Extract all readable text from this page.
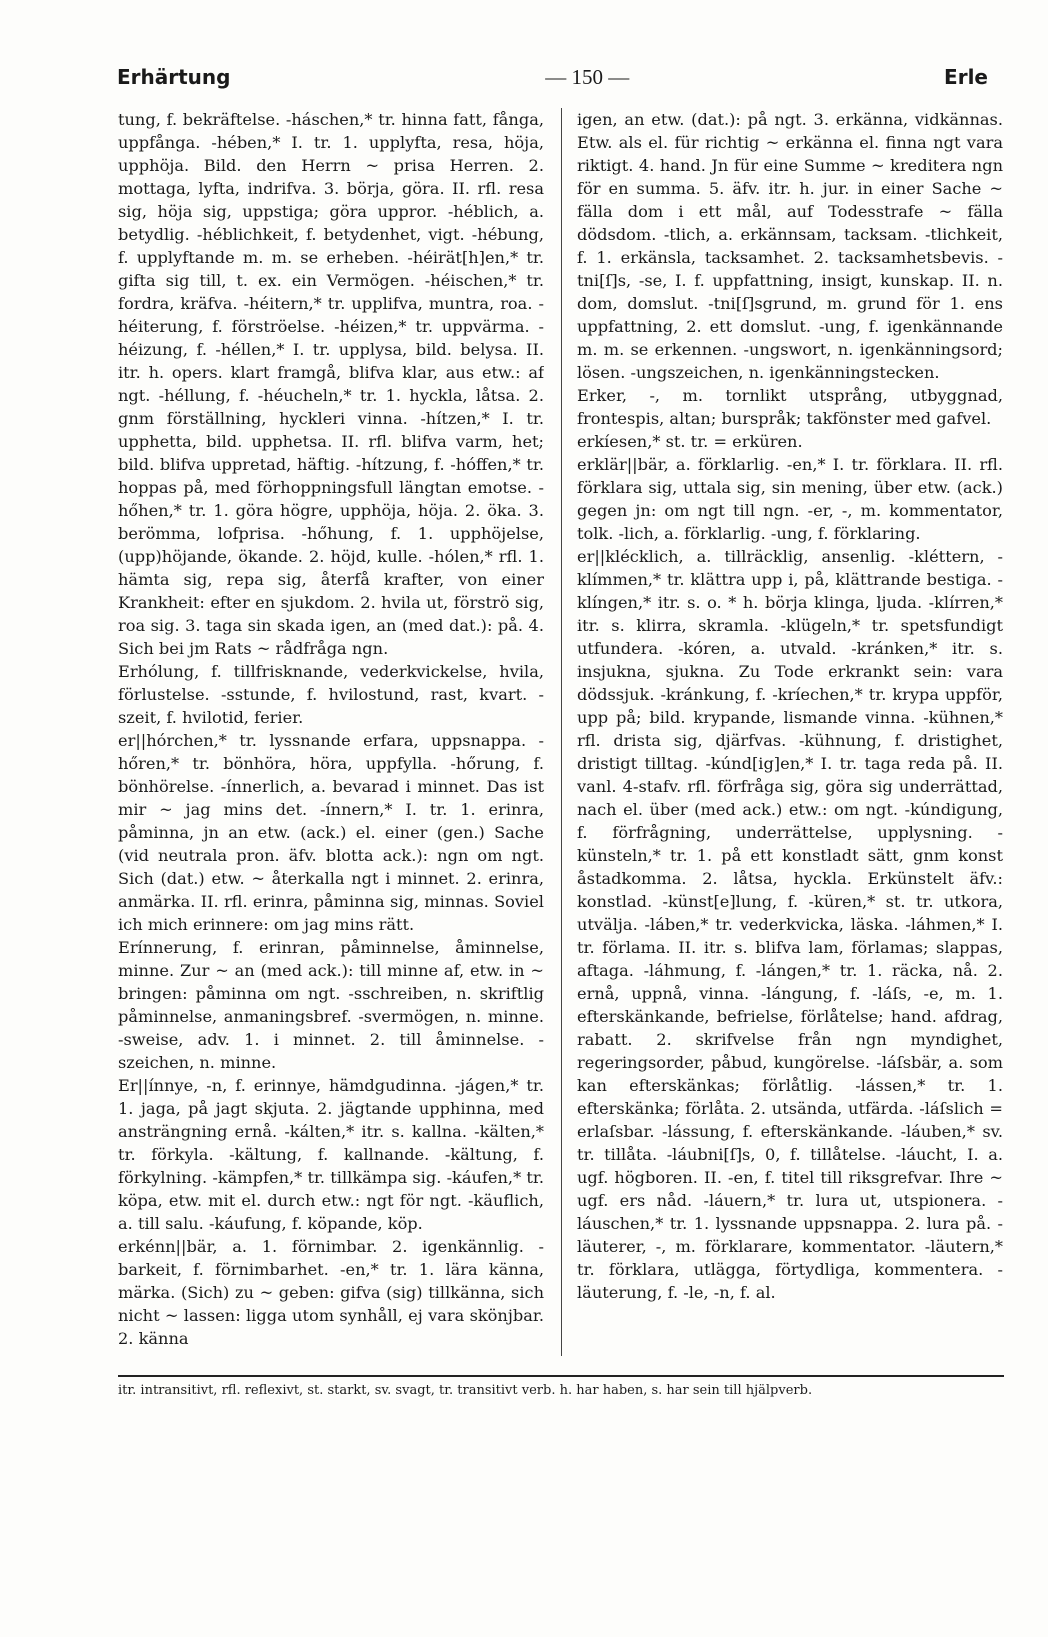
Erhärtung	— 150 —	Erle

tung, f. bekräftelse. -háschen,* tr. hinna fatt, fånga, uppfånga. -hében,* I. tr. 1. upplyfta, resa, höja, upphöja. Bild. den Herrn ~ prisa Herren. 2. mottaga, lyfta, indrifva. 3. börja, göra. II. rfl. resa sig, höja sig, uppstiga; göra uppror. -héblich, a. betydlig. -héblichkeit, f. betydenhet, vigt. -hébung, f. upplyftande m. m. se erheben. -héirät[h]en,* tr. gifta sig till, t. ex. ein Vermögen. -héischen,* tr. fordra, kräfva. -héitern,* tr. upplifva, muntra, roa. -héiterung, f. förströelse. -héizen,* tr. uppvärma. -héizung, f. -héllen,* I. tr. upplysa, bild. belysa. II. itr. h. opers. klart framgå, blifva klar, aus etw.: af ngt. -héllung, f. -héucheln,* tr. 1. hyckla, låtsa. 2. gnm förställning, hyckleri vinna. -hítzen,* I. tr. upphetta, bild. upphetsa. II. rfl. blifva varm, het; bild. blifva uppretad, häftig. -hítzung, f. -hóffen,* tr. hoppas på, med förhoppningsfull längtan emotse. -hőhen,* tr. 1. göra högre, upphöja, höja. 2. öka. 3. berömma, lofprisa. -hőhung, f. 1. upphöjelse, (upp)höjande, ökande. 2. höjd, kulle. -hólen,* rfl. 1. hämta sig, repa sig, återfå krafter, von einer Krankheit: efter en sjukdom. 2. hvila ut, förströ sig, roa sig. 3. taga sin skada igen, an (med dat.): på. 4. Sich bei jm Rats ~ rådfråga ngn.

Erhólung, f. tillfrisknande, vederkvickelse, hvila, förlustelse. -sstunde, f. hvilostund, rast, kvart. -szeit, f. hvilotid, ferier.

er||hórchen,* tr. lyssnande erfara, uppsnappa. -hőren,* tr. bönhöra, höra, uppfylla. -hőrung, f. bönhörelse. -ínnerlich, a. bevarad i minnet. Das ist mir ~ jag mins det. -ínnern,* I. tr. 1. erinra, påminna, jn an etw. (ack.) el. einer (gen.) Sache (vid neutrala pron. äfv. blotta ack.): ngn om ngt. Sich (dat.) etw. ~ återkalla ngt i minnet. 2. erinra, anmärka. II. rfl. erinra, påminna sig, minnas. Soviel ich mich erinnere: om jag mins rätt.

Erínnerung, f. erinran, påminnelse, åminnelse, minne. Zur ~ an (med ack.): till minne af, etw. in ~ bringen: påminna om ngt. -sschreiben, n. skriftlig påminnelse, anmaningsbref. -svermögen, n. minne. -sweise, adv. 1. i minnet. 2. till åminnelse. -szeichen, n. minne.

Er||ínnye, -n, f. erinnye, hämdgudinna. -jágen,* tr. 1. jaga, på jagt skjuta. 2. jägtande upphinna, med ansträngning ernå. -kálten,* itr. s. kallna. -kälten,* tr. förkyla. -kältung, f. kallnande. -kältung, f. förkylning. -kämpfen,* tr. tillkämpa sig. -káufen,* tr. köpa, etw. mit el. durch etw.: ngt för ngt. -käuflich, a. till salu. -káufung, f. köpande, köp.

erkénn||bär, a. 1. förnimbar. 2. igenkännlig. -barkeit, f. förnimbarhet. -en,* tr. 1. lära känna, märka. (Sich) zu ~ geben: gifva (sig) tillkänna, sich nicht ~ lassen: ligga utom synhåll, ej vara skönjbar. 2. känna

igen, an etw. (dat.): på ngt. 3. erkänna, vidkännas. Etw. als el. für richtig ~ erkänna el. finna ngt vara riktigt. 4. hand. Jn für eine Summe ~ kreditera ngn för en summa. 5. äfv. itr. h. jur. in einer Sache ~ fälla dom i ett mål, auf Todesstrafe ~ fälla dödsdom. -tlich, a. erkännsam, tacksam. -tlichkeit, f. 1. erkänsla, tacksamhet. 2. tacksamhetsbevis. -tni[ſ]s, -se, I. f. uppfattning, insigt, kunskap. II. n. dom, domslut. -tni[ſ]sgrund, m. grund för 1. ens uppfattning, 2. ett domslut. -ung, f. igenkännande m. m. se erkennen. -ungswort, n. igenkänningsord; lösen. -ungszeichen, n. igenkänningstecken.

Erker, -, m. tornlikt utsprång, utbyggnad, frontespis, altan; burspråk; takfönster med gafvel.

erkíesen,* st. tr. = erküren.

erklär||bär, a. förklarlig. -en,* I. tr. förklara. II. rfl. förklara sig, uttala sig, sin mening, über etw. (ack.) gegen jn: om ngt till ngn. -er, -, m. kommentator, tolk. -lich, a. förklarlig. -ung, f. förklaring.

er||klécklich, a. tillräcklig, ansenlig. -kléttern, -klímmen,* tr. klättra upp i, på, klättrande bestiga. -klíngen,* itr. s. o. * h. börja klinga, ljuda. -klírren,* itr. s. klirra, skramla. -klügeln,* tr. spetsfundigt utfundera. -kóren, a. utvald. -kránken,* itr. s. insjukna, sjukna. Zu Tode erkrankt sein: vara dödssjuk. -kránkung, f. -kríechen,* tr. krypa uppför, upp på; bild. krypande, lismande vinna. -kühnen,* rfl. drista sig, djärfvas. -kühnung, f. dristighet, dristigt tilltag. -kúnd[ig]en,* I. tr. taga reda på. II. vanl. 4-stafv. rfl. förfråga sig, göra sig underrättad, nach el. über (med ack.) etw.: om ngt. -kúndigung, f. förfrågning, underrättelse, upplysning. -künsteln,* tr. 1. på ett konstladt sätt, gnm konst åstadkomma. 2. låtsa, hyckla. Erkünstelt äfv.: konstlad. -künst[e]lung, f. -küren,* st. tr. utkora, utvälja. -láben,* tr. vederkvicka, läska. -láhmen,* I. tr. förlama. II. itr. s. blifva lam, förlamas; slappas, aftaga. -láhmung, f. -lángen,* tr. 1. räcka, nå. 2. ernå, uppnå, vinna. -lángung, f. -láſs, -e, m. 1. efterskänkande, befrielse, förlåtelse; hand. afdrag, rabatt. 2. skrifvelse från ngn myndighet, regeringsorder, påbud, kungörelse. -láſsbär, a. som kan efterskänkas; förlåtlig. -lássen,* tr. 1. efterskänka; förlåta. 2. utsända, utfärda. -láſslich = erlaſsbar. -lássung, f. efterskänkande. -láuben,* sv. tr. tillåta. -láubni[ſ]s, 0, f. tillåtelse. -láucht, I. a. ugf. högboren. II. -en, f. titel till riksgrefvar. Ihre ~ ugf. ers nåd. -láuern,* tr. lura ut, utspionera. -láuschen,* tr. 1. lyssnande uppsnappa. 2. lura på. -läuterer, -, m. förklarare, kommentator. -läutern,* tr. förklara, utlägga, förtydliga, kommentera. -läuterung, f. -le, -n, f. al.

itr. intransitivt, rfl. reflexivt, st. starkt, sv. svagt, tr. transitivt verb. h. har haben, s. har sein till hjälpverb.
